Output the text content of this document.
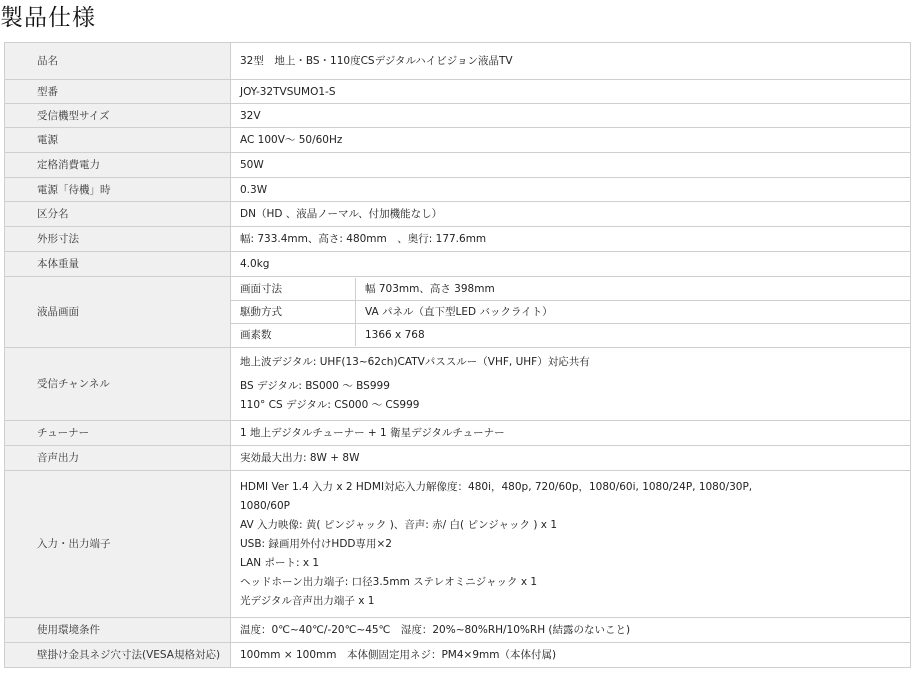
製品仕様
品名	32型　地上・BS・110度CSデジタルハイビジョン液晶TV
型番	JOY-32TVSUMO1-S
受信機型サイズ	32V
電源	AC 100V～ 50/60Hz
定格消費電力	50W
電源「待機」時	0.3W
区分名	DN（HD 、液晶ノーマル、付加機能なし）
外形寸法	幅: 733.4mm、高さ: 480mm　、奥行: 177.6mm
本体重量	4.0kg
液晶画面	
画面寸法	幅 703mm、高さ 398mm
駆動方式	VA パネル（直下型LED バックライト）
画素数	1366 x 768

受信チャンネル	
地上波デジタル: UHF(13~62ch)CATVパススルー（VHF, UHF）対応共有
BS デジタル: BS000 ～ BS999
110° CS デジタル: CS000 ～ CS999

チューナー	1 地上デジタルチューナー + 1 衛星デジタルチューナー
音声出力	実効最大出力: 8W + 8W
入力・出力端子	
HDMI Ver 1.4 入力 x 2 HDMI対応入力解像度：480i，480p, 720/60p，1080/60i, 1080/24P, 1080/30P,
1080/60P
AV 入力映像: 黄( ピンジャック )、音声: 赤/ 白( ピンジャック ) x 1
USB: 録画用外付けHDD専用×2
LAN ポート: x 1
ヘッドホーン出力端子: 口径3.5mm ステレオミニジャック x 1
光デジタル音声出力端子 x 1

使用環境条件	温度：0℃~40℃/-20℃~45℃　湿度：20%~80%RH/10%RH (結露のないこと)
壁掛け金具ネジ穴寸法(VESA規格対応)	100mm × 100mm　本体側固定用ネジ：PM4×9mm（本体付属)
